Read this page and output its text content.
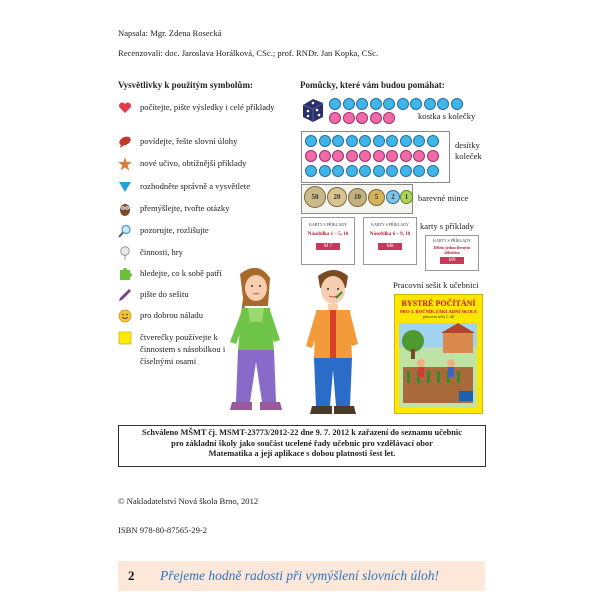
Napsala: Mgr. Zdena Rosecká
Recenzovali: doc. Jaroslava Horálková, CSc.; prof. RNDr. Jan Kopka, CSc.
Vysvětlivky k použitým symbolům:
počítejte, pište výsledky i celé příklady
povídejte, řešte slovní úlohy
nové učivo, obtížnější příklady
rozhodněte správně a vysvětlete
přemýšlejte, tvořte otázky
pozorujte, rozlišujte
činnosti, hry
hledejte, co k sobě patří
pište do sešitu
pro dobrou náladu
čtverečky používejte k činnostem s násobilkou i číselnými osami
Pomůcky, které vám budou pomáhat:
kostka s kolečky
desítky koleček
50	20	10	5	2	1	barevné mince
KARTY S PŘÍKLADY
Násobilka 1 – 5, 10
M 7
KARTY S PŘÍKLADY
Násobilka 6 – 9, 10
M8
KARTY S PŘÍKLADY
Dělení jednociferným dělitelem
M9
karty s příklady
Pracovní sešit k učebnici
BYSTRÉ POČÍTÁNÍ
PRO 3. ROČNÍK ZÁKLADNÍ ŠKOLY
pracovní sešit 1. díl
Schváleno MŠMT čj. MSMT-23773/2012-22 dne 9. 7. 2012 k zařazení do seznamu učebnic
pro základní školy jako součást ucelené řady učebnic pro vzdělávací obor
Matematika a její aplikace s dobou platnosti šest let.
© Nakladatelství Nová škola Brno, 2012
ISBN 978-80-87565-29-2
2 Přejeme hodně radosti při vymýšlení slovních úloh!
